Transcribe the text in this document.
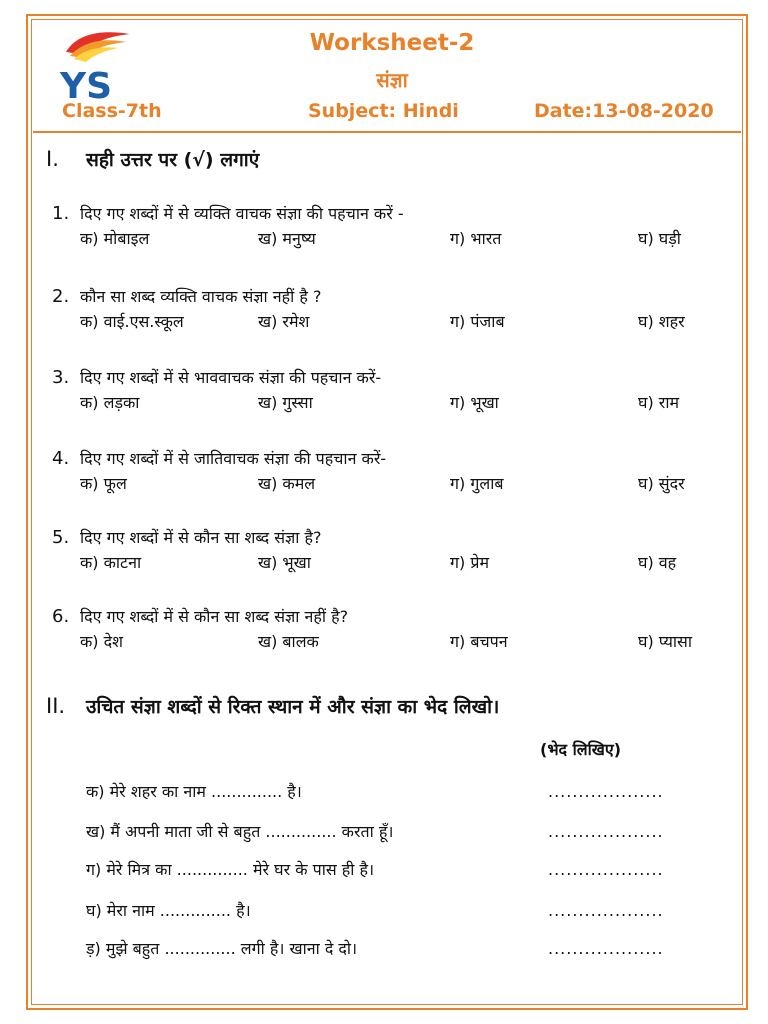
YS
Worksheet-2
संज्ञा
Class-7th	Subject: Hindi	Date:13-08-2020
I. सही उत्तर पर (√) लगाएं
1. दिए गए शब्दों में से व्यक्ति वाचक संज्ञा की पहचान करें -
क) मोबाइल	ख) मनुष्य	ग) भारत	घ) घड़ी
2. कौन सा शब्द व्यक्ति वाचक संज्ञा नहीं है ?
क) वाई.एस.स्कूल	ख) रमेश	ग) पंजाब	घ) शहर
3. दिए गए शब्दों में से भाववाचक संज्ञा की पहचान करें-
क) लड़का	ख) गुस्सा	ग) भूखा	घ) राम
4. दिए गए शब्दों में से जातिवाचक संज्ञा की पहचान करें-
क) फूल	ख) कमल	ग) गुलाब	घ) सुंदर
5. दिए गए शब्दों में से कौन सा शब्द संज्ञा है?
क) काटना	ख) भूखा	ग) प्रेम	घ) वह
6. दिए गए शब्दों में से कौन सा शब्द संज्ञा नहीं है?
क) देश	ख) बालक	ग) बचपन	घ) प्यासा
II. उचित संज्ञा शब्दों से रिक्त स्थान में और संज्ञा का भेद लिखो।
(भेद लिखिए)
क) मेरे शहर का नाम .............. है।	...................
ख) मैं अपनी माता जी से बहुत .............. करता हूँ।	...................
ग) मेरे मित्र का .............. मेरे घर के पास ही है।	...................
घ) मेरा नाम .............. है।	...................
ड़) मुझे बहुत .............. लगी है। खाना दे दो।	...................
